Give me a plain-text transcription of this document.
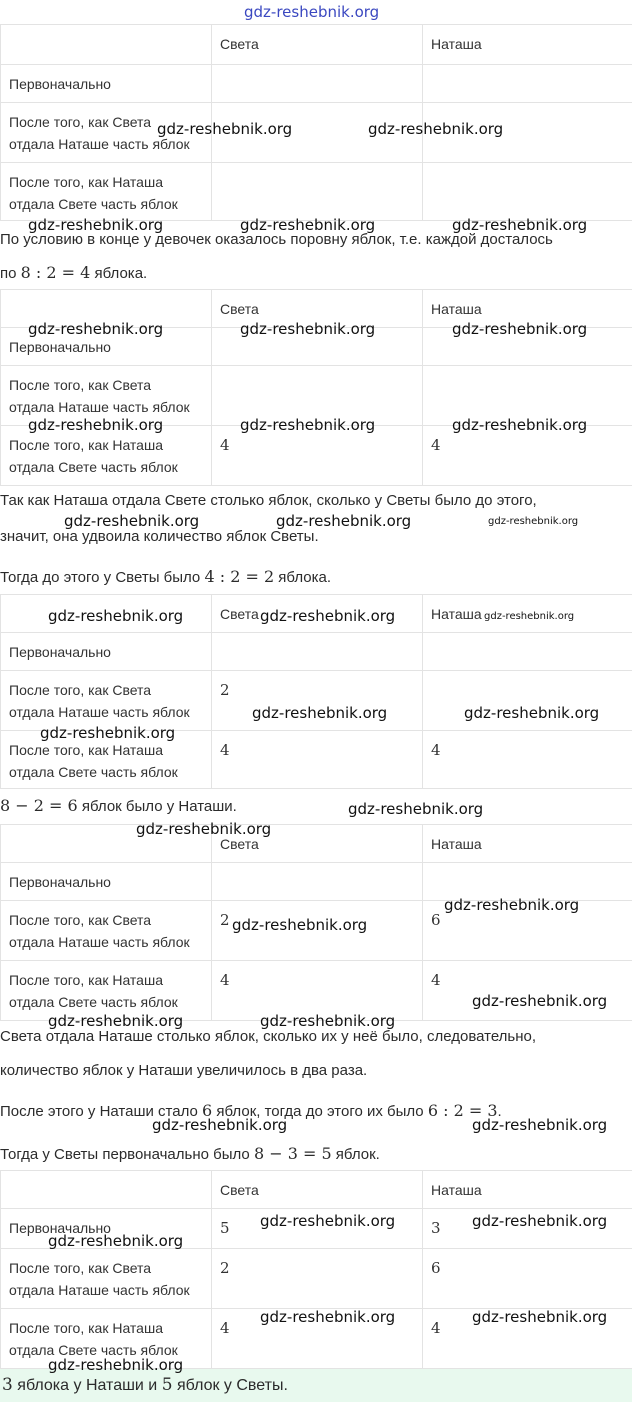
gdz-reshebnik.org

	Света	Наташа

Первоначально		

После того, как Света
отдала Наташе часть яблок		

После того, как Наташа
отдала Свете часть яблок		

По условию в конце у девочек оказалось поровну яблок, т.е. каждой досталось
по 8 : 2 = 4 яблока.

	Света	Наташа

Первоначально		

После того, как Света
отдала Наташе часть яблок		

После того, как Наташа
отдала Свете часть яблок	4	4
Так как Наташа отдала Свете столько яблок, сколько у Светы было до этого,
значит, она удвоила количество яблок Светы.
Тогда до этого у Светы было 4 : 2 = 2 яблока.

	Света	Наташа

Первоначально		

После того, как Света
отдала Наташе часть яблок	2	

После того, как Наташа
отдала Свете часть яблок	4	4
8 − 2 = 6 яблок было у Наташи.

	Света	Наташа

Первоначально		

После того, как Света
отдала Наташе часть яблок	2	6

После того, как Наташа
отдала Свете часть яблок	4	4
Света отдала Наташе столько яблок, сколько их у неё было, следовательно,
количество яблок у Наташи увеличилось в два раза.
После этого у Наташи стало 6 яблок, тогда до этого их было 6 : 2 = 3.
Тогда у Светы первоначально было 8 − 3 = 5 яблок.

	Света	Наташа

Первоначально	5	3

После того, как Света
отдала Наташе часть яблок	2	6

После того, как Наташа
отдала Свете часть яблок	4	4
3 яблока у Наташи и 5 яблок у Светы.
gdz-reshebnik.org	gdz-reshebnik.org
gdz-reshebnik.org	gdz-reshebnik.org	gdz-reshebnik.org
gdz-reshebnik.org	gdz-reshebnik.org	gdz-reshebnik.org
gdz-reshebnik.org	gdz-reshebnik.org	gdz-reshebnik.org
gdz-reshebnik.org	gdz-reshebnik.org	gdz-reshebnik.org
gdz-reshebnik.org	gdz-reshebnik.org	gdz-reshebnik.org
gdz-reshebnik.org	gdz-reshebnik.org
gdz-reshebnik.org
gdz-reshebnik.org
gdz-reshebnik.org
gdz-reshebnik.org
gdz-reshebnik.org
gdz-reshebnik.org
gdz-reshebnik.org	gdz-reshebnik.org
gdz-reshebnik.org	gdz-reshebnik.org
gdz-reshebnik.org	gdz-reshebnik.org
gdz-reshebnik.org
gdz-reshebnik.org	gdz-reshebnik.org
gdz-reshebnik.org
